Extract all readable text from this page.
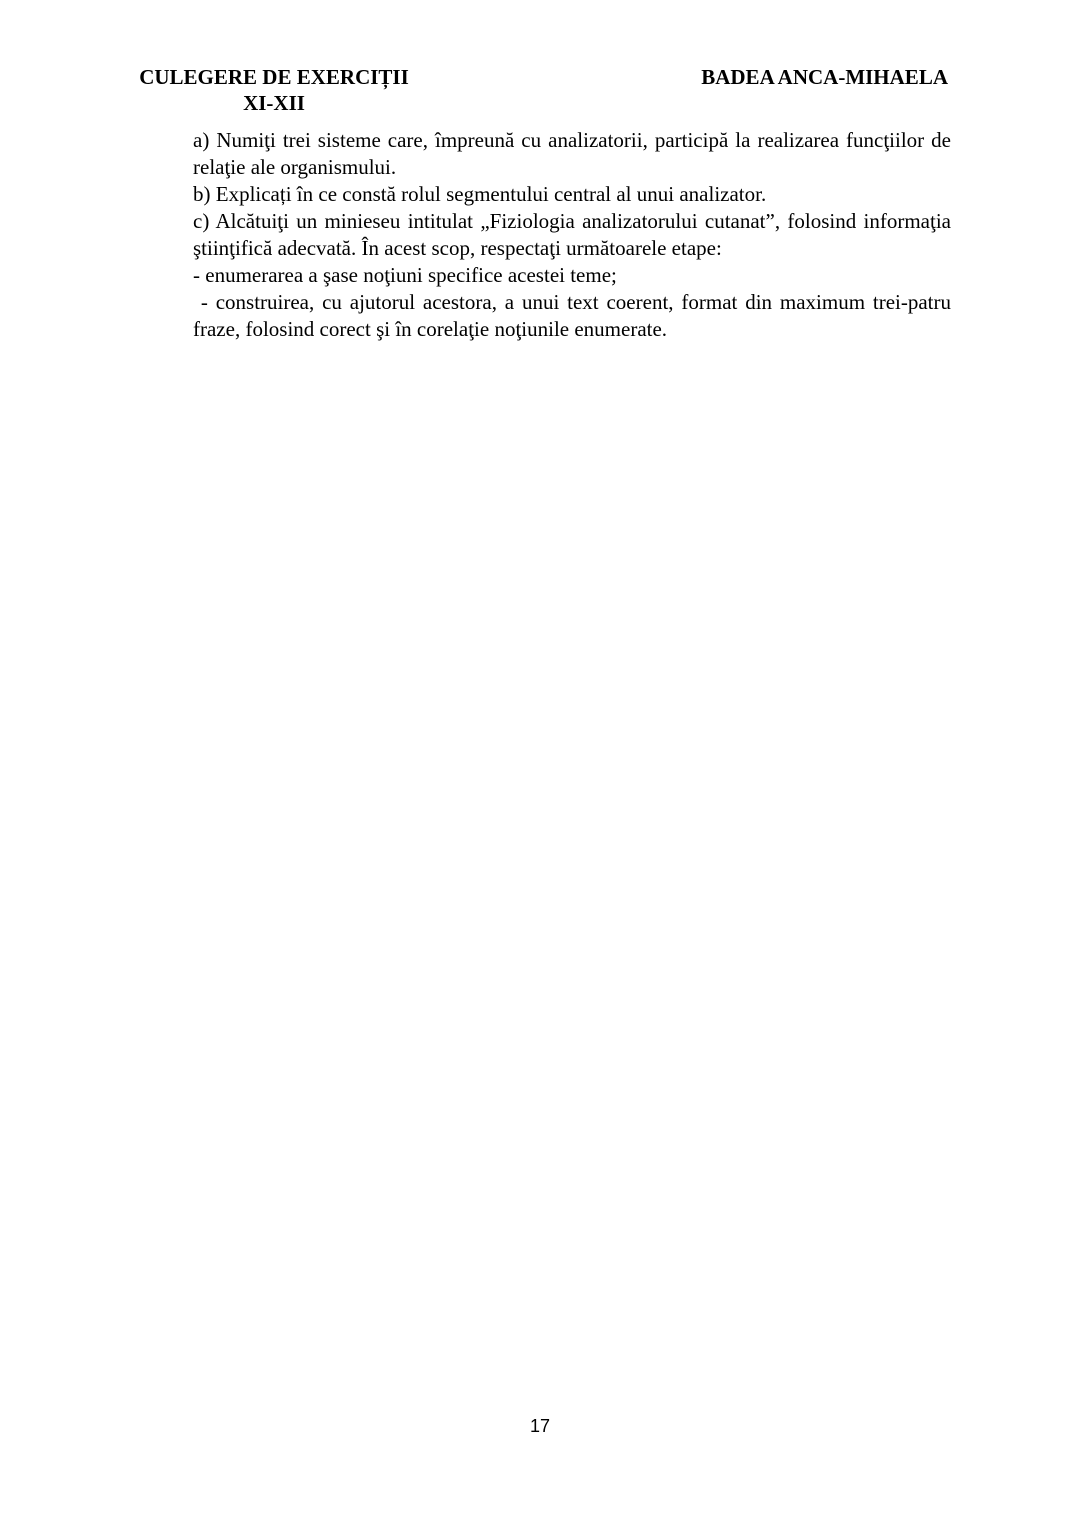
CULEGERE DE EXERCIȚII
XI-XII
BADEA ANCA-MIHAELA

a) Numiţi trei sisteme care, împreună cu analizatorii, participă la realizarea funcţiilor de relaţie ale organismului.

b) Explicați în ce constă rolul segmentului central al unui analizator.

c) Alcătuiţi un minieseu intitulat „Fiziologia analizatorului cutanat”, folosind informaţia ştiinţifică adecvată. În acest scop, respectaţi următoarele etape:

- enumerarea a şase noţiuni specifice acestei teme;

- construirea, cu ajutorul acestora, a unui text coerent, format din maximum trei-patru fraze, folosind corect şi în corelaţie noţiunile enumerate.

17
